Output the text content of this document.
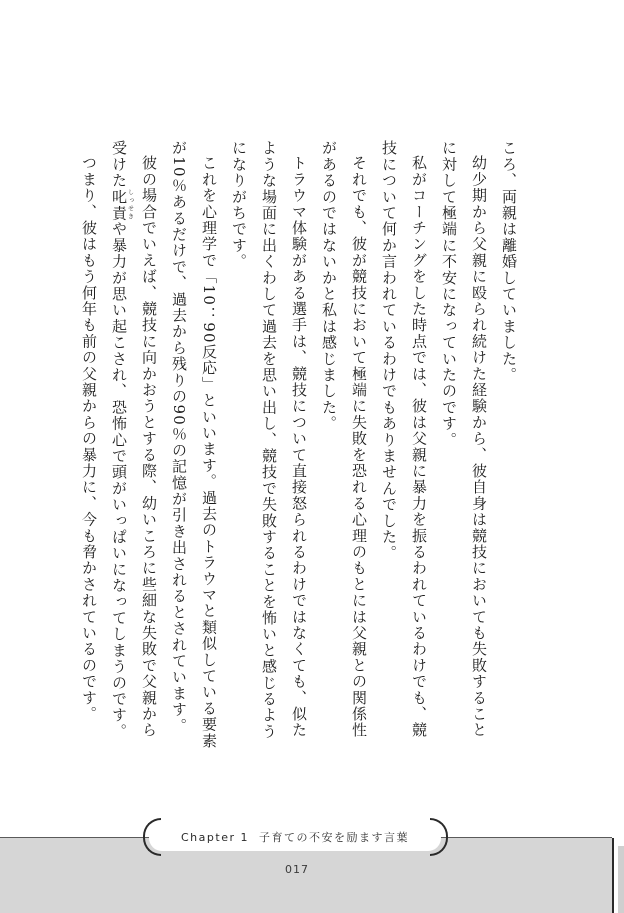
ころ、両親は離婚していました。

幼少期から父親に殴られ続けた経験から、彼自身は競技においても失敗すること

に対して極端に不安になっていたのです。

私がコーチングをした時点では、彼は父親に暴力を振るわれているわけでも、競

技について何か言われているわけでもありませんでした。

それでも、彼が競技において極端に失敗を恐れる心理のもとには父親との関係性

があるのではないかと私は感じました。

トラウマ体験がある選手は、競技について直接怒られるわけではなくても、似た

ような場面に出くわして過去を思い出し、競技で失敗することを怖いと感じるよう

になりがちです。

これを心理学で「10：90反応」といいます。過去のトラウマと類似している要素

が10％あるだけで、過去から残りの90％の記憶が引き出されるとされています。

彼の場合でいえば、競技に向かおうとする際、幼いころに些細な失敗で父親から

受けた叱責しっせきや暴力が思い起こされ、恐怖心で頭がいっぱいになってしまうのです。

つまり、彼はもう何年も前の父親からの暴力に、今も脅かされているのです。

Chapter 1 子育ての不安を励ます言葉
017
